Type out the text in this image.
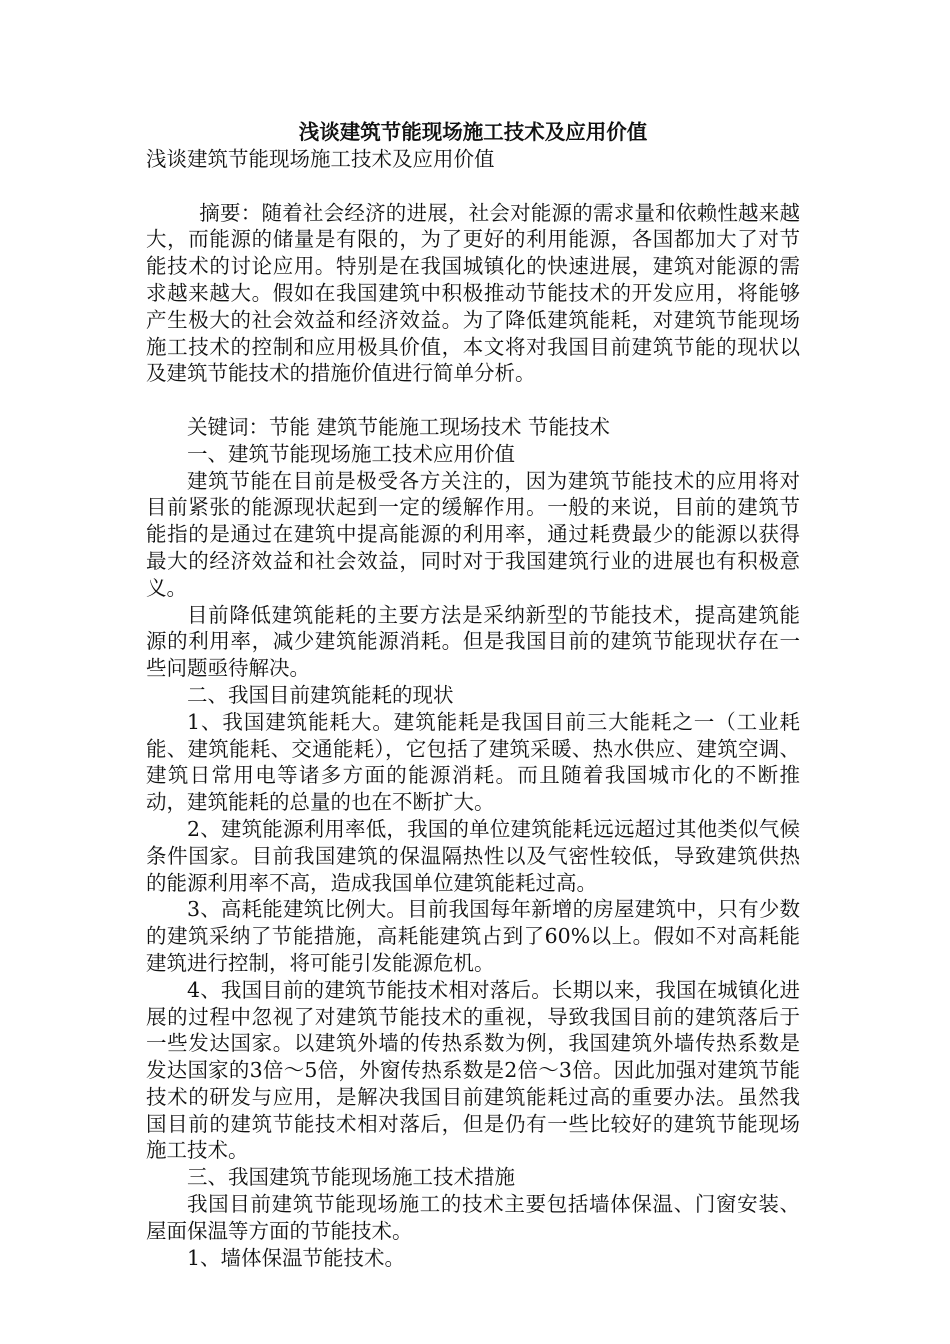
浅谈建筑节能现场施工技术及应用价值

浅谈建筑节能现场施工技术及应用价值

摘要：随着社会经济的进展，社会对能源的需求量和依赖性越来越大，而能源的储量是有限的，为了更好的利用能源，各国都加大了对节能技术的讨论应用。特别是在我国城镇化的快速进展，建筑对能源的需求越来越大。假如在我国建筑中积极推动节能技术的开发应用，将能够产生极大的社会效益和经济效益。为了降低建筑能耗，对建筑节能现场施工技术的控制和应用极具价值，本文将对我国目前建筑节能的现状以及建筑节能技术的措施价值进行简单分析。

关键词：节能 建筑节能施工现场技术 节能技术

一、建筑节能现场施工技术应用价值

建筑节能在目前是极受各方关注的，因为建筑节能技术的应用将对目前紧张的能源现状起到一定的缓解作用。一般的来说，目前的建筑节能指的是通过在建筑中提高能源的利用率，通过耗费最少的能源以获得最大的经济效益和社会效益，同时对于我国建筑行业的进展也有积极意义。

目前降低建筑能耗的主要方法是采纳新型的节能技术，提高建筑能源的利用率，减少建筑能源消耗。但是我国目前的建筑节能现状存在一些问题亟待解决。

二、我国目前建筑能耗的现状

1、我国建筑能耗大。建筑能耗是我国目前三大能耗之一（工业耗能、建筑能耗、交通能耗），它包括了建筑采暖、热水供应、建筑空调、建筑日常用电等诸多方面的能源消耗。而且随着我国城市化的不断推动，建筑能耗的总量的也在不断扩大。

2、建筑能源利用率低，我国的单位建筑能耗远远超过其他类似气候条件国家。目前我国建筑的保温隔热性以及气密性较低，导致建筑供热的能源利用率不高，造成我国单位建筑能耗过高。

3、高耗能建筑比例大。目前我国每年新增的房屋建筑中，只有少数的建筑采纳了节能措施，高耗能建筑占到了60%以上。假如不对高耗能建筑进行控制，将可能引发能源危机。

4、我国目前的建筑节能技术相对落后。长期以来，我国在城镇化进展的过程中忽视了对建筑节能技术的重视，导致我国目前的建筑落后于一些发达国家。以建筑外墙的传热系数为例，我国建筑外墙传热系数是发达国家的3倍～5倍，外窗传热系数是2倍～3倍。因此加强对建筑节能技术的研发与应用，是解决我国目前建筑能耗过高的重要办法。虽然我国目前的建筑节能技术相对落后，但是仍有一些比较好的建筑节能现场施工技术。

三、我国建筑节能现场施工技术措施

我国目前建筑节能现场施工的技术主要包括墙体保温、门窗安装、屋面保温等方面的节能技术。

1、墙体保温节能技术。
